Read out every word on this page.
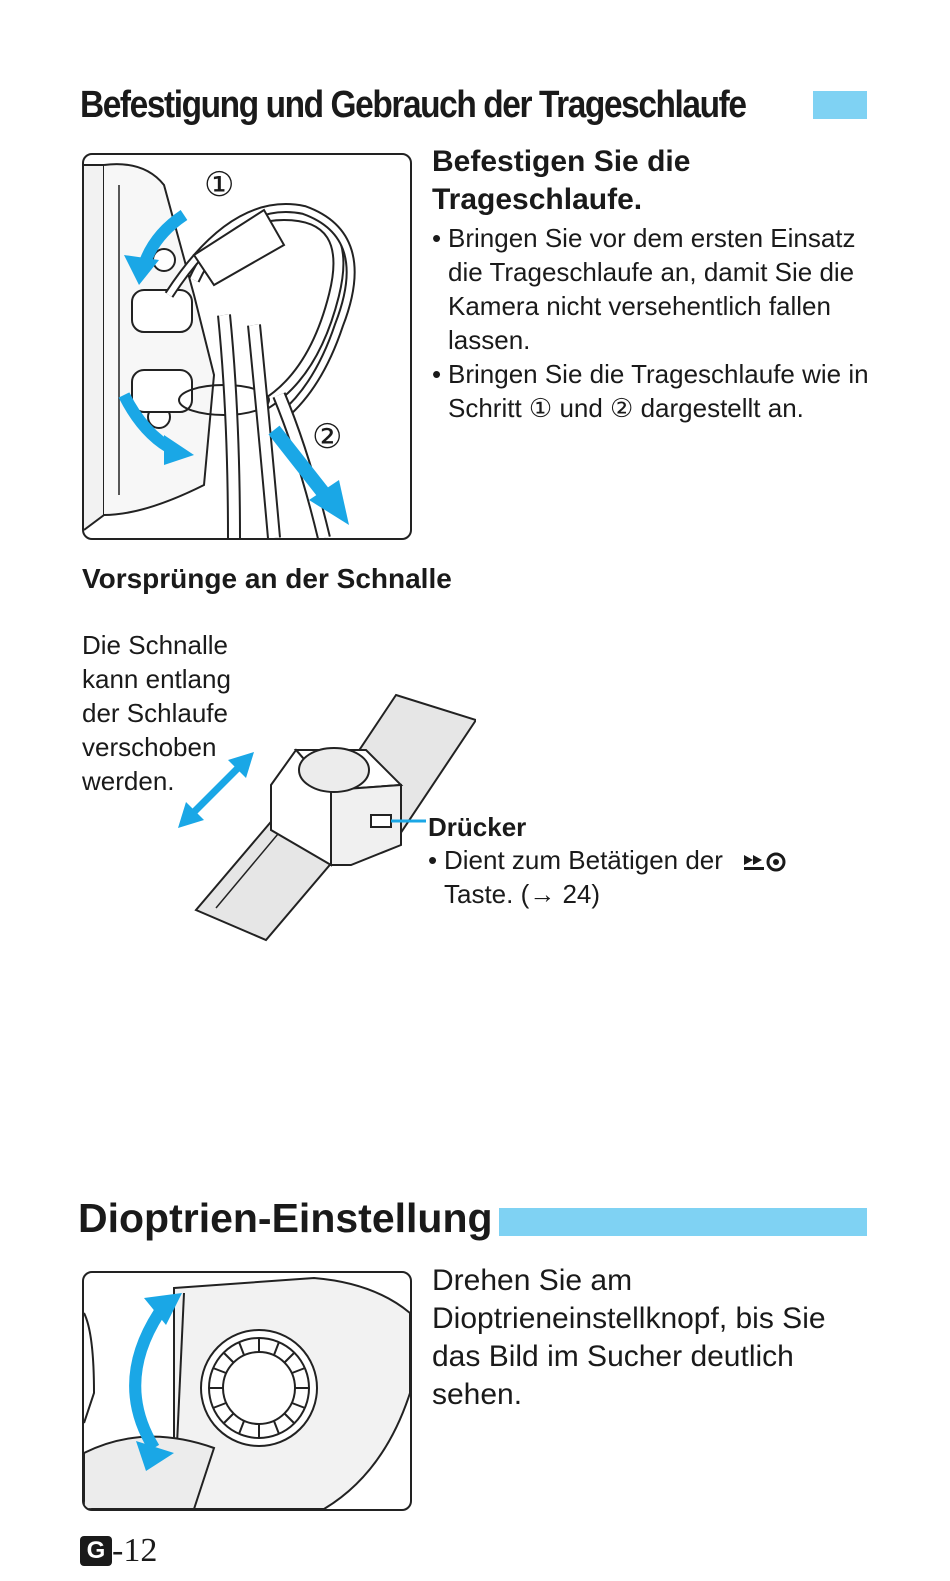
Befestigung und Gebrauch der Trageschlaufe
①
②
Befestigen Sie die
Trageschlaufe.
• Bringen Sie vor dem ersten Einsatz die Trageschlaufe an, damit Sie die Kamera nicht versehentlich fallen lassen.
• Bringen Sie die Trageschlaufe wie in Schritt ① und ② dargestellt an.
Vorsprünge an der Schnalle
Die Schnalle kann entlang der Schlaufe verschoben werden.
Drücker
• Dient zum Betätigen der
Taste. (→ 24)
Dioptrien-Einstellung
Drehen Sie am Dioptrieneinstellknopf, bis Sie das Bild im Sucher deutlich sehen.
G -12
